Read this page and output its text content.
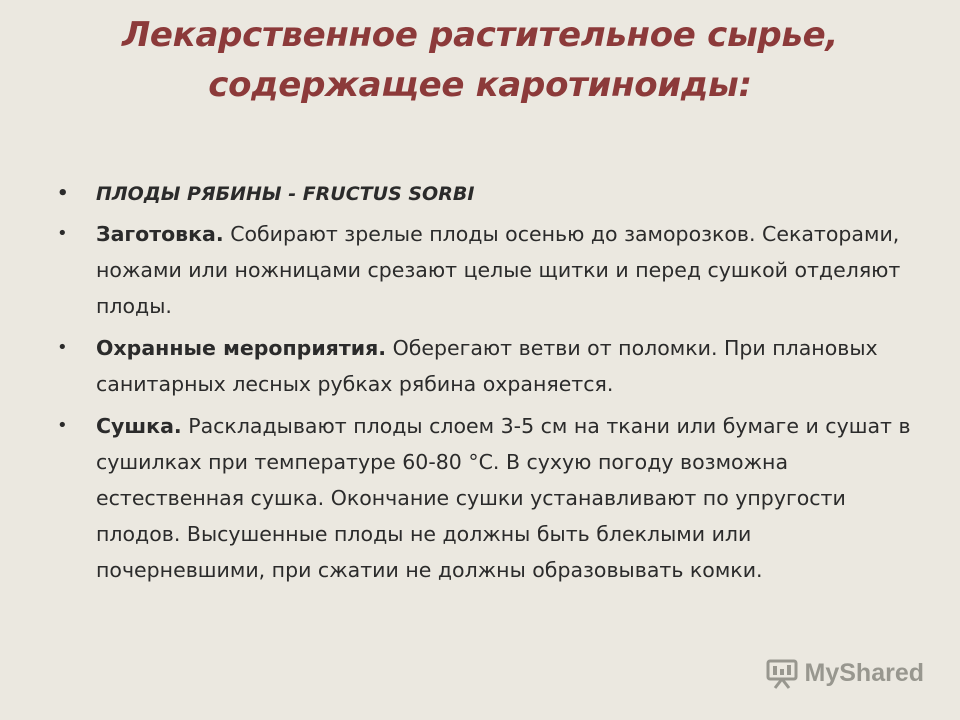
Лекарственное растительное сырье,
содержащее каротиноиды:
• ПЛОДЫ РЯБИНЫ - FRUCTUS SORBI
• Заготовка. Собирают зрелые плоды осенью до заморозков. Секаторами, ножами или ножницами срезают целые щитки и перед сушкой отделяют плоды.
• Охранные мероприятия. Оберегают ветви от поломки. При плановых санитарных лесных рубках рябина охраняется.
• Сушка. Раскладывают плоды слоем 3-5 см на ткани или бумаге и сушат в сушилках при температуре 60-80 °С. В сухую погоду возможна естественная сушка. Окончание сушки устанавливают по упругости плодов. Высушенные плоды не должны быть блеклыми или почерневшими, при сжатии не должны образовывать комки.
MyShared
